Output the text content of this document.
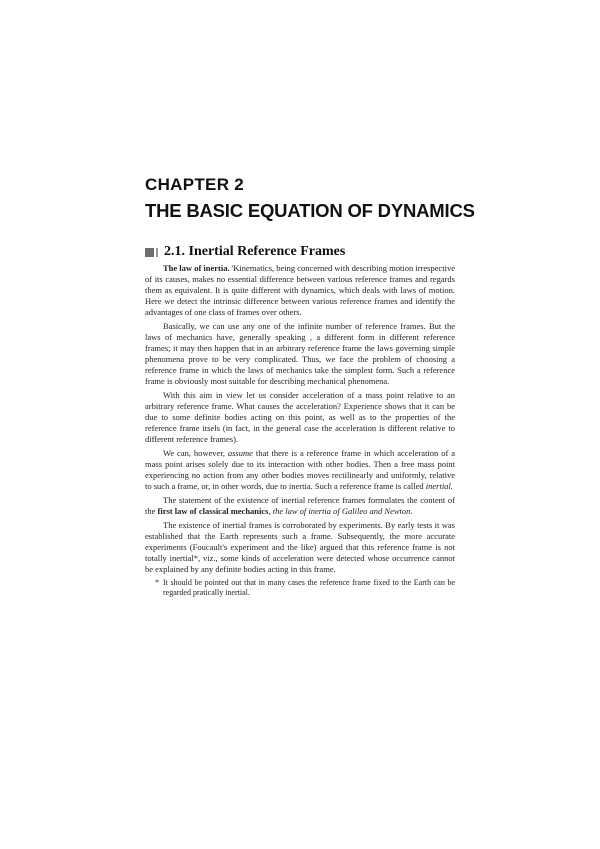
CHAPTER 2
THE BASIC EQUATION OF DYNAMICS
2.1. Inertial Reference Frames

The law of inertia. 'Kinematics, being concerned with describing motion irrespective of its causes, makes no essential difference between various reference frames and regards them as equivalent. It is quite different with dynamics, which deals with laws of motion. Here we detect the intrinsic difference between various reference frames and identify the advantages of one class of frames over others.

Basically, we can use any one of the infinite number of reference frames. But the laws of mechanics have, generally speaking , a different form in different reference frames; it may then happen that in an arbitrary reference frame the laws governing simple phenomena prove to be very complicated. Thus, we face the problem of choosing a reference frame in which the laws of mechanics take the simplest form. Such a reference frame is obviously most suitable for describing mechanical phenomena.

With this aim in view let us consider acceleration of a mass point relative to an arbitrary reference frame. What causes the acceleration? Experience shows that it can be due to some definite bodies acting on this point, as well as to the properties of the reference frame itsels (in fact, in the general case the acceleration is different relative to different reference frames).

We can, however, assume that there is a reference frame in which acceleration of a mass point arises solely due to its interaction with other bodies. Then a free mass point experiencing no action from any other bodies moves rectilinearly and uniformly, relative to such a frame, or, in other words, due to inertia. Such a reference frame is called inertial.

The statement of the existence of inertial reference frames formulates the content of the first law of classical mechanics, the law of inertia of Galileo and Newton.

The existence of inertial frames is corroborated by experiments. By early tests it was established that the Earth represents such a frame. Subsequently, the more accurate experiments (Foucault's experiment and the like) argued that this reference frame is not totally inertial*, viz., some kinds of acceleration were detected whose occurrence cannot be explained by any definite bodies acting in this frame.

* It should be pointed out that in many cases the reference frame fixed to the Earth can be regarded pratically inertial.
